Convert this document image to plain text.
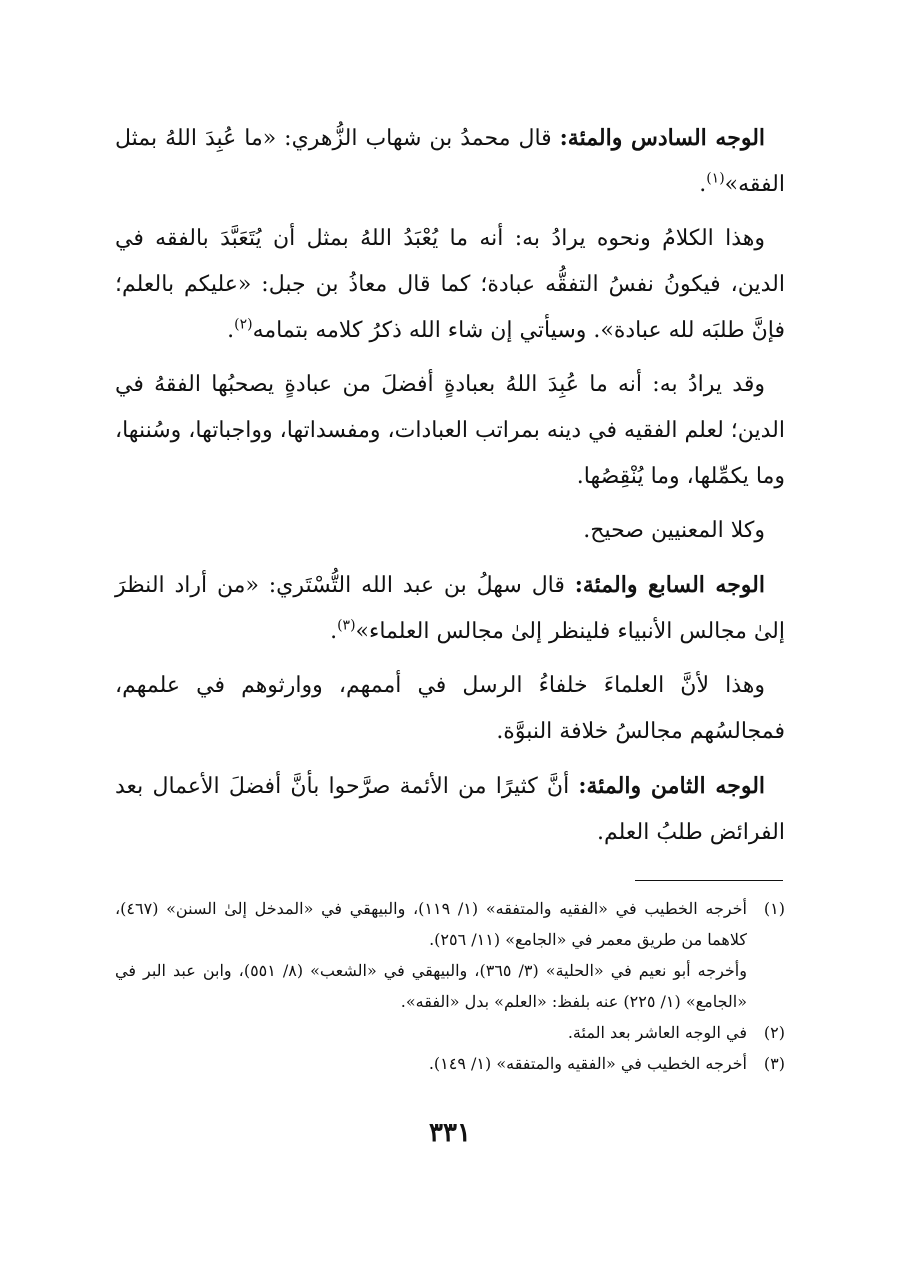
الوجه السادس والمئة: قال محمدُ بن شهاب الزُّهري: «ما عُبِدَ اللهُ بمثل الفقه»$^{(١)}$.

وهذا الكلامُ ونحوه يرادُ به: أنه ما يُعْبَدُ اللهُ بمثل أن يُتَعَبَّدَ بالفقه في الدين، فيكونُ نفسُ التفقُّه عبادة؛ كما قال معاذُ بن جبل: «عليكم بالعلم؛ فإنَّ طلبَه لله عبادة». وسيأتي إن شاء الله ذكرُ كلامه بتمامه$^{(٢)}$.

وقد يرادُ به: أنه ما عُبِدَ اللهُ بعبادةٍ أفضلَ من عبادةٍ يصحبُها الفقهُ في الدين؛ لعلم الفقيه في دينه بمراتب العبادات، ومفسداتها، وواجباتها، وسُننها، وما يكمِّلها، وما يُنْقِصُها.

وكلا المعنيين صحيح.

الوجه السابع والمئة: قال سهلُ بن عبد الله التُّسْتَري: «من أراد النظرَ إلىٰ مجالس الأنبياء فلينظر إلىٰ مجالس العلماء»$^{(٣)}$.

وهذا لأنَّ العلماءَ خلفاءُ الرسل في أممهم، ووارثوهم في علمهم، فمجالسُهم مجالسُ خلافة النبوَّة.

الوجه الثامن والمئة: أنَّ كثيرًا من الأئمة صرَّحوا بأنَّ أفضلَ الأعمال بعد الفرائض طلبُ العلم.

(١)
أخرجه الخطيب في «الفقيه والمتفقه» (١/ ١١٩)، والبيهقي في «المدخل إلىٰ السنن» (٤٦٧)، كلاهما من طريق معمر في «الجامع» (١١/ ٢٥٦).
وأخرجه أبو نعيم في «الحلية» (٣/ ٣٦٥)، والبيهقي في «الشعب» (٨/ ٥٥١)، وابن عبد البر في «الجامع» (١/ ٢٢٥) عنه بلفظ: «العلم» بدل «الفقه».
(٢)
في الوجه العاشر بعد المئة.
(٣)
أخرجه الخطيب في «الفقيه والمتفقه» (١/ ١٤٩).
٣٣١
